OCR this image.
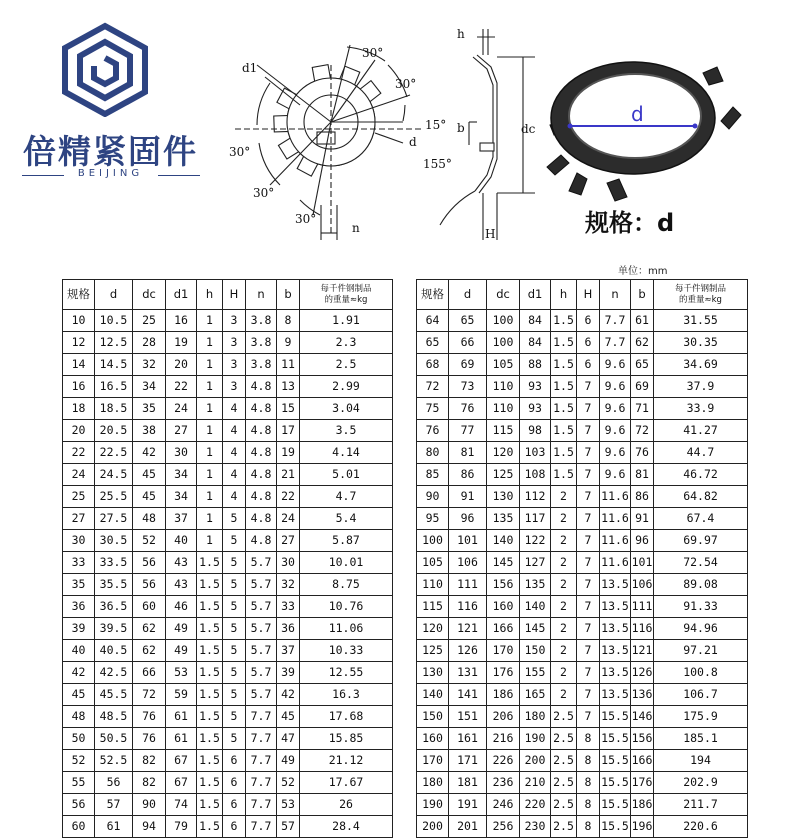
倍精紧固件
BEIJING
d1
30°
30°
15°
30°
30°
30°
d
n
155°
h
b	dc
H
d
规格：d
单位：mm
规格	d	dc	d1	h	H	n	b	每千件钢制品
的重量≈kg

10	10.5	25	16	1	3	3.8	8	1.91
12	12.5	28	19	1	3	3.8	9	2.3
14	14.5	32	20	1	3	3.8	11	2.5
16	16.5	34	22	1	3	4.8	13	2.99
18	18.5	35	24	1	4	4.8	15	3.04
20	20.5	38	27	1	4	4.8	17	3.5
22	22.5	42	30	1	4	4.8	19	4.14
24	24.5	45	34	1	4	4.8	21	5.01
25	25.5	45	34	1	4	4.8	22	4.7
27	27.5	48	37	1	5	4.8	24	5.4
30	30.5	52	40	1	5	4.8	27	5.87
33	33.5	56	43	1.5	5	5.7	30	10.01
35	35.5	56	43	1.5	5	5.7	32	8.75
36	36.5	60	46	1.5	5	5.7	33	10.76
39	39.5	62	49	1.5	5	5.7	36	11.06
40	40.5	62	49	1.5	5	5.7	37	10.33
42	42.5	66	53	1.5	5	5.7	39	12.55
45	45.5	72	59	1.5	5	5.7	42	16.3
48	48.5	76	61	1.5	5	7.7	45	17.68
50	50.5	76	61	1.5	5	7.7	47	15.85
52	52.5	82	67	1.5	6	7.7	49	21.12
55	56	82	67	1.5	6	7.7	52	17.67
56	57	90	74	1.5	6	7.7	53	26
60	61	94	79	1.5	6	7.7	57	28.4
规格	d	dc	d1	h	H	n	b	每千件钢制品
的重量≈kg

64	65	100	84	1.5	6	7.7	61	31.55
65	66	100	84	1.5	6	7.7	62	30.35
68	69	105	88	1.5	6	9.6	65	34.69
72	73	110	93	1.5	7	9.6	69	37.9
75	76	110	93	1.5	7	9.6	71	33.9
76	77	115	98	1.5	7	9.6	72	41.27
80	81	120	103	1.5	7	9.6	76	44.7
85	86	125	108	1.5	7	9.6	81	46.72
90	91	130	112	2	7	11.6	86	64.82
95	96	135	117	2	7	11.6	91	67.4
100	101	140	122	2	7	11.6	96	69.97
105	106	145	127	2	7	11.6	101	72.54
110	111	156	135	2	7	13.5	106	89.08
115	116	160	140	2	7	13.5	111	91.33
120	121	166	145	2	7	13.5	116	94.96
125	126	170	150	2	7	13.5	121	97.21
130	131	176	155	2	7	13.5	126	100.8
140	141	186	165	2	7	13.5	136	106.7
150	151	206	180	2.5	7	15.5	146	175.9
160	161	216	190	2.5	8	15.5	156	185.1
170	171	226	200	2.5	8	15.5	166	194
180	181	236	210	2.5	8	15.5	176	202.9
190	191	246	220	2.5	8	15.5	186	211.7
200	201	256	230	2.5	8	15.5	196	220.6
